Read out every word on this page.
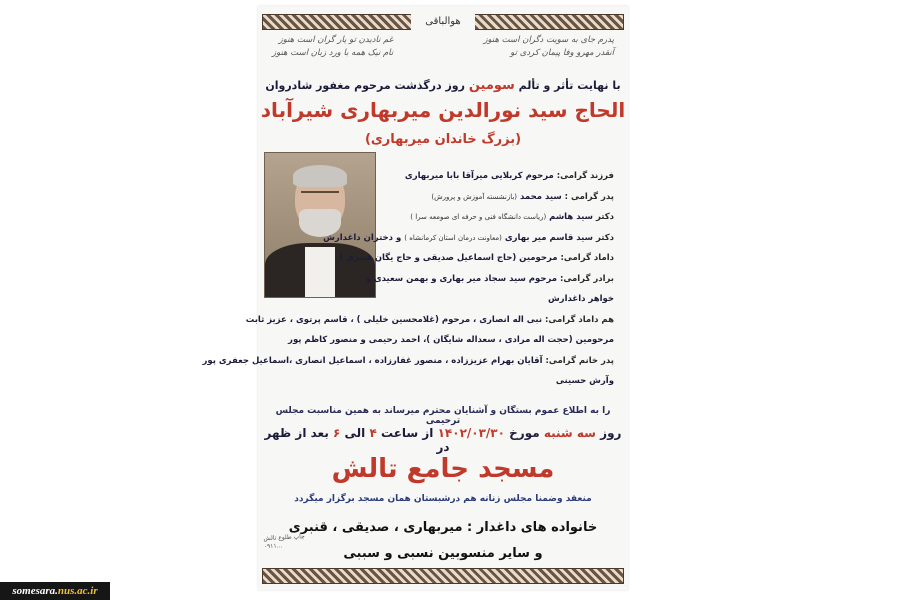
هوالباقی
پدرم جای به سویت دگران است هنوز
آنقدر مهرو وفا پیمان کردی تو
غم نادیدن تو یار گران است هنوز
نام نیک همه با ورد زبان است هنوز
با نهایت تأثر و تألم سومین روز درگذشت مرحوم مغفور شادروان
الحاج سید نورالدین میربهاری شیرآباد
(بزرگ خاندان میربهاری)
فرزند گرامی: مرحوم کربلایی میرآقا بابا میربهاری
پدر گرامی : سید محمد (بازنشسته آموزش و پرورش)
دکتر سید هاشم (ریاست دانشگاه فنی و حرفه ای صومعه سرا )
دکتر سید قاسم میر بهاری (معاونت درمان استان کرمانشاه ) و دختران داغدارش
داماد گرامی: مرحومین (حاج اسماعیل صدیقی و حاج یگان قنبری )
برادر گرامی: مرحوم سید سجاد میر بهاری و بهمن سعیدی و
خواهر داغدارش
هم داماد گرامی: نبی اله انصاری ، مرحوم (غلامحسین خلیلی ) ، قاسم پرتوی ، عزیز ثابت
مرحومین (حجت اله مرادی ، سعداله شایگان )، احمد رحیمی و منصور کاظم پور
پدر خانم گرامی: آقایان بهرام عزیززاده ، منصور غفارزاده ، اسماعیل انصاری ،اسماعیل جعفری پور
وآرش حسینی
را به اطلاع عموم بستگان و آشنایان محترم میرساند به همین مناسبت مجلس ترحیمی
روز سه شنبه مورخ ۱۴۰۲/۰۳/۳۰ از ساعت ۴ الی ۶ بعد از ظهر در
مسجد جامع تالش
منعقد وضمنا مجلس زنانه هم درشبستان همان مسجد برگزار میگردد
خانواده های داغدار : میربهاری ، صدیقی ، قنبری
و سایر منسوبین نسبی و سببی
چاپ طلوع تالش
۰۹۱۱...
somesara.nus.ac.ir
